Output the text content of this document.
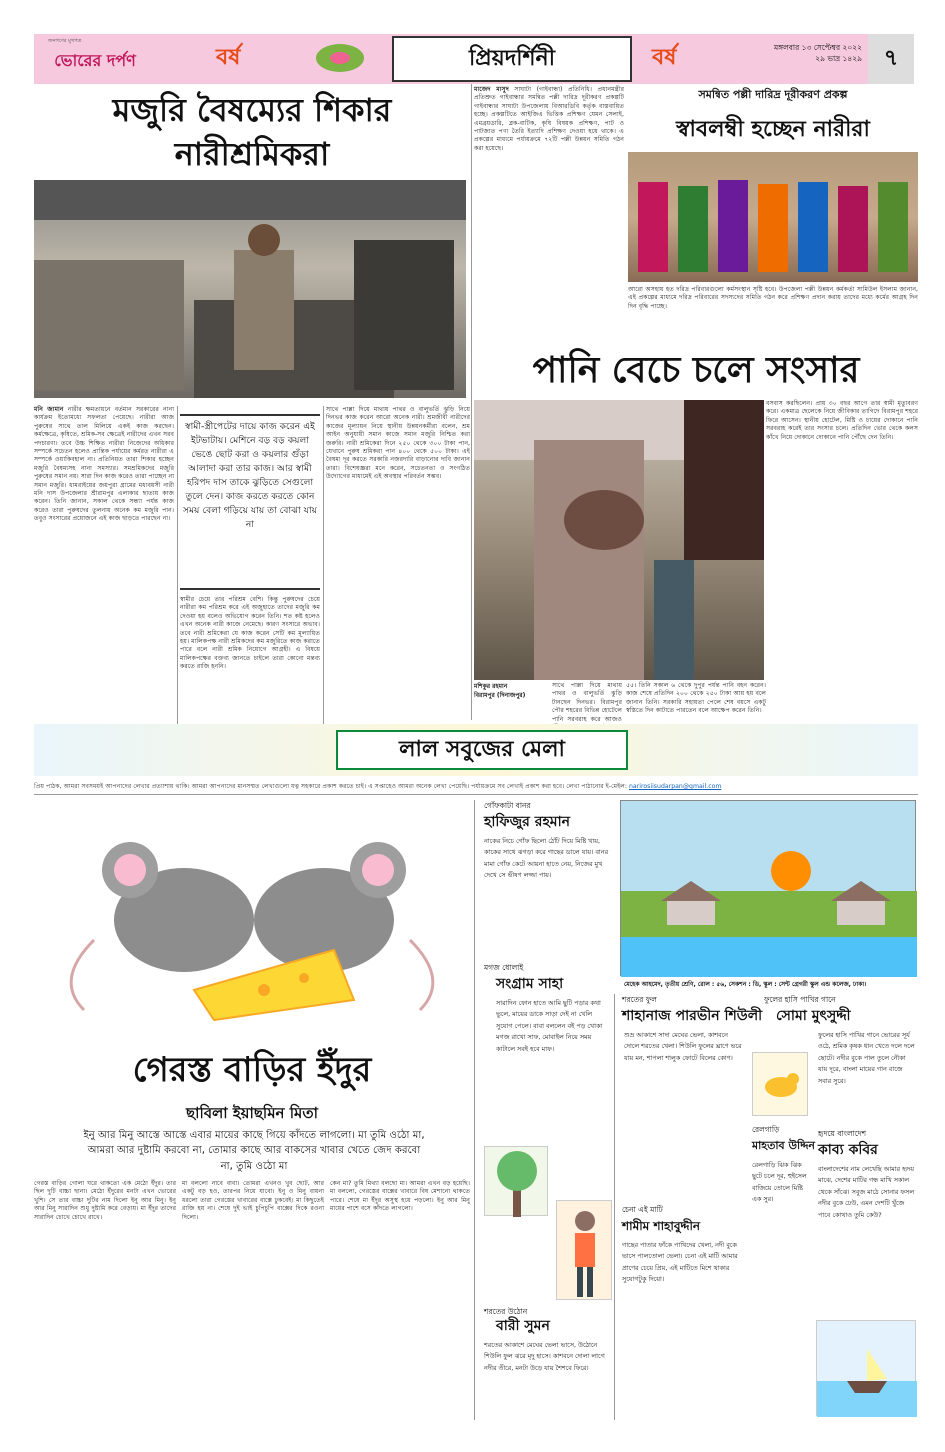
জনগণের মুখপত্র
ভোরের দর্পণ	বর্ষ	প্রিয়দর্শিনী	বর্ষ	মঙ্গলবার ১৩ সেপ্টেম্বর ২০২২
২৯ ভাদ্র ১৪২৯ ৭
মজুরি বৈষম্যের শিকার
নারীশ্রমিকরা
মনি জামান নারীর ক্ষমতায়নে বর্তমান সরকারের নানা কার্যক্রম ইতোমধ্যে সফলতা পেয়েছে। নারীরা আজ পুরুষের সাথে তাল মিলিয়ে একই কাজ করছেন। কর্মক্ষেত্রে, কৃষিতে, শ্রমিক-সব ক্ষেত্রেই নারীদের এখন সরব পদচারণা। তবে উচ্চ শিক্ষিত নারীরা নিজেদের অধিকার সম্পর্কে সচেতন হলেও প্রান্তিক পর্যায়ের কর্মরত নারীরা এ সম্পর্কে ওয়াকিবহাল না। প্রতিনিয়ত তারা শিকার হচ্ছেন মজুরি বৈষম্যসহ নানা সমস্যার। সমশ্রমিকদের মজুরি পুরুষের সমান নয়। সারা দিন কাজ করেও তারা পাচ্ছেন না সমান মজুরি। ধামরাইয়ের জয়পুরা গ্রামের মধ্যবয়সী নারী মনি দাস উপজেলার শ্রীরামপুর এলাকার ছাতায় কাজ করেন। তিনি জানান, সকাল থেকে সন্ধ্যা পর্যন্ত কাজ করেও তারা পুরুষদের তুলনায় অনেক কম মজুরি পান। তবুও সংসারের প্রয়োজনে এই কাজ ছাড়তে পারছেন না।
স্বামী-স্ত্রীপেটের দায়ে কাজ করেন এই ইটভাটায়। মেশিনে বড় বড় কয়লা ভেঙে ছোট করা ও কয়লার গুঁড়া আলাদা করা তার কাজ। আর স্বামী হরিপদ দাস তাকে ঝুড়িতে সেগুলো তুলে দেন। কাজ করতে করতে কোন সময় বেলা গড়িয়ে যায় তা বোঝা যায় না
স্বামীর চেয়ে তার পরিশ্রম বেশি। কিন্তু পুরুষদের চেয়ে নারীরা কম পরিশ্রম করে এই অজুহাতে তাদের মজুরি কম দেওয়া হয় বলেও অভিযোগ করেন তিনি। শত কষ্ট হলেও এখন অনেক নারী কাজে নেমেছে। কারণ সংসারে অভাব। তবে নারী শ্রমিকেরা যে কাজ করেন সেটি কম মূল্যায়িত হয়। মালিকপক্ষ নারী শ্রমিকদের কম মজুরিতে কাজ করাতে পারে বলে নারী শ্রমিক নিয়োগে আগ্রহী। এ বিষয়ে মালিকপক্ষের বক্তব্য জানতে চাইলে তারা কোনো মন্তব্য করতে রাজি হননি।
সাথে পাল্লা দিয়ে মাথায় পাথর ও বালুভর্তি ঝুড়ি নিয়ে দিনভর কাজ করেন আরো অনেক নারী। শ্রমজীবী নারীদের কাজের মূল্যায়ন নিয়ে স্থানীয় উন্নয়নকর্মীরা বলেন, শ্রম আইন অনুযায়ী সমান কাজে সমান মজুরি নিশ্চিত করা জরুরি। নারী শ্রমিকেরা দিনে ২৫০ থেকে ৩০০ টাকা পান, যেখানে পুরুষ শ্রমিকরা পান ৪০০ থেকে ৫০০ টাকা। এই বৈষম্য দূর করতে সরকারি নজরদারি বাড়ানোর দাবি জানান তারা। বিশেষজ্ঞরা মনে করেন, সচেতনতা ও সংগঠিত উদ্যোগের মাধ্যমেই এই অবস্থার পরিবর্তন সম্ভব।
মাজেদ মাসুদ সাঘাটা (গাইবান্ধা) প্রতিনিধি। প্রধানমন্ত্রীর প্রতিশ্রুত গাইবান্ধার সমন্বিত পল্লী দারিদ্র দূরীকরণ প্রকল্পটি গাইবান্ধার সাঘাটা উপজেলায় বিআরডিবি কর্তৃক বাস্তবায়িত হচ্ছে। প্রকল্পটিতে আইজিএ ভিত্তিক প্রশিক্ষণ যেমন সেলাই, এমব্রয়ডারি, ব্লক-বাটিক, কৃষি বিষয়ক প্রশিক্ষণ, পাট ও পাটজাত পণ্য তৈরি ইত্যাদি প্রশিক্ষণ দেওয়া হয়ে থাকে। এ প্রকল্পের মাধ্যমে পর্যায়ক্রমে ৭২টি পল্লী উন্নয়ন সমিতি গঠন করা হয়েছে।
সমন্বিত পল্লী দারিদ্র দূরীকরণ প্রকল্প
স্বাবলম্বী হচ্ছেন নারীরা
আরো অসহায় হত দরিদ্র পরিবারগুলো কর্মসংস্থান সৃষ্টি হবে। উপজেলা পল্লী উন্নয়ন কর্মকর্তা সামিউল ইসলাম জানান, এই প্রকল্পের মাধ্যমে দরিদ্র পরিবারের সদস্যদের সমিতি গঠন করে প্রশিক্ষণ প্রদান করায় তাদের মধ্যে কর্মের আগ্রহ দিন দিন বৃদ্ধি পাচ্ছে।
পানি বেচে চলে সংসার
মশিকুর রহমান
বিরামপুর (দিনাজপুর)
বসবাস করছিলেন। প্রায় ৩০ বছর আগে তার স্বামী মৃত্যুবরণ করে। একমাত্র ছেলেকে নিয়ে জীবিকার তাগিদে বিরামপুর শহরে ফিরে আসেন। স্থানীয় হোটেল, মিষ্টি ও চায়ের দোকানে পানি সরবরাহ করেই তার সংসার চলে। প্রতিদিন ভোর থেকে কলস কাঁখে নিয়ে দোকানে দোকানে পানি পৌঁছে দেন তিনি।
সাথে পাল্লা দিয়ে মাথায় পাথর ও বালুভর্তি ঝুড়ি টানছেন দিনভর। বিরামপুর পৌর শহরের বিভিন্ন হোটেলে পানি সরবরাহ করে আজও
৫৫। তিনি সকাল ৬ থেকে দুপুর পর্যন্ত পানি বহন করেন। কাজ শেষে প্রতিদিন ২০০ থেকে ২৫০ টাকা আয় হয় বলে জানান তিনি। সরকারি সহায়তা পেলে শেষ বয়সে একটু স্বস্তিতে দিন কাটাতে পারতেন বলে আক্ষেপ করেন তিনি।
লাল সবুজের মেলা
প্রিয় পাঠক, আমরা সবসময়ই আপনাদের লেখার প্রত্যাশায় থাকি। আমরা আপনাদের মানসম্মত লেখাগুলো যত্ন সহকারে প্রকাশ করতে চাই। এ সপ্তাহেও আমরা অনেক লেখা পেয়েছি। পর্যায়ক্রমে সব লেখাই প্রকাশ করা হবে। লেখা পাঠানোর ই-মেইল: narirosiisudarpan@gmail.com
গেরস্ত বাড়ির ইঁদুর
ছাবিলা ইয়াছমিন মিতা
ইনু আর মিনু আস্তে আস্তে এবার মায়ের কাছে গিয়ে কাঁদতে লাগলো। মা তুমি ওঠো মা, আমরা আর দুষ্টামি করবো না, তোমার কাছে আর বাকসের খাবার খেতে জেদ করবো না, তুমি ওঠো মা
গেরস্ত বাড়ির গোলা ঘরে থাকতো এক মেঠো ইঁদুর। তার ছিল দুটি বাচ্চা ছানা। মেঠো ইঁদুরের মনটা এখন ভোরের খুশি। সে তার বাচ্চা দুটির নাম দিলো ইনু আর মিনু। ইনু আর মিনু সারাদিন শুধু দুষ্টামি করে বেড়ায়। মা ইঁদুর তাদের সারাদিন চোখে চোখে রাখে।
মা বললো নাবে বাবা। তোমরা এখনও খুব ছোট, আর একটু বড় হও, তারপর নিয়ে যাবো। ইনু ও মিনু বায়না ধরলো তারা গেরস্তের খাবারের বাক্সে ঢুকবেই। মা কিছুতেই রাজি হয় না। শেষে দুই ভাই চুপিচুপি বাক্সের দিকে রওনা দিলো।
কেন মা? তুমি মিথ্যা বলছো মা। আমরা এখন বড় হয়েছি। মা বললো, গেরস্তের বাক্সের খাবারে বিষ মেশানো থাকতে পারে। শেষে মা ইঁদুর অসুস্থ হয়ে পড়লো। ইনু আর মিনু মায়ের পাশে বসে কাঁদতে লাগলো।
গোঁফকাটা বানর
হাফিজুর রহমান
নাকের নিচে গোঁফ ছিলো ঠোঁট দিয়ে মিষ্টি খায়, কাকের সাথে ঝগড়া করে গাছের ডালে যায়। বানর মামা গোঁফ কেটে আয়না হাতে নেয়, নিজের মুখ দেখে সে ভীষণ লজ্জা পায়।
মেহেক আহমেদ, তৃতীয় শ্রেণি, রোল : ৫৬, সেকশন : ডি, স্কুল : সেন্ট গ্রেগরী স্কুল এন্ড কলেজ, ঢাকা।
মগজ ধোলাই
সংগ্রাম সাহা
সারাদিন ফোন হাতে আমি ছুটি পড়ার কথা ভুলে, মায়ের ডাকে সাড়া দেই না খেলি সুযোগ পেলে। বাবা বললেন বই পড় খোকা মগজ রাখো সাফ, মোবাইল নিয়ে সময় কাটালে সবই হবে মাফ।
শরতের ফুল
শাহানাজ পারভীন শিউলী
শুভ্র আকাশে সাদা মেঘের ভেলা, কাশবনে দোলে শরতের খেলা। শিউলি ফুলের ঘ্রাণে ভরে যায় মন, শাপলা শালুক ফোটে বিলের কোণ।
ফুলের হাসি পাখির গানে
সোমা মুৎসুদ্দী
ফুলের হাসি পাখির গানে ভোরের সূর্য ওঠে, শ্রমিক কৃষক ধান খেতে দলে দলে ছোটে। নদীর বুকে পাল তুলে নৌকা যায় দূরে, বাংলা মায়ের গান বাজে সবার সুরে।
হৃদয়ে বাংলাদেশ
কাব্য কবির
বাংলাদেশের নাম লেখেছি আমার হৃদয় মাঝে, দেশের মাটির গন্ধ মাখি সকাল থেকে সাঁঝে। সবুজ মাঠে সোনার ফসল নদীর বুকে ঢেউ, এমন দেশটি খুঁজে পাবে কোথাও তুমি কেউ?
রেলগাড়ি
মাহতাব উদ্দিন
রেলগাড়ি ঝিক ঝিক ছুটে চলে দূর, হুইসেল বাজিয়ে তোলে মিষ্টি এক সুর।
শরতের উঠোন
বারী সুমন
শরতের আকাশে মেঘের ভেলা ভাসে, উঠোনে শিউলি ফুল ঝরে মৃদু হাসে। কাশবনে দোলা লাগে নদীর তীরে, মনটা উড়ে যায় শৈশবে ফিরে।
চেনা এই মাটি
শামীম শাহাবুদ্দীন
গাছের পাতার ফাঁকে পাখিদের খেলা, নদী বুকে ভাসে পালতোলা ভেলা। চেনা এই মাটি আমার প্রাণের চেয়ে প্রিয়, এই মাটিতে মিশে থাকার সুযোগটুকু দিয়ো।
